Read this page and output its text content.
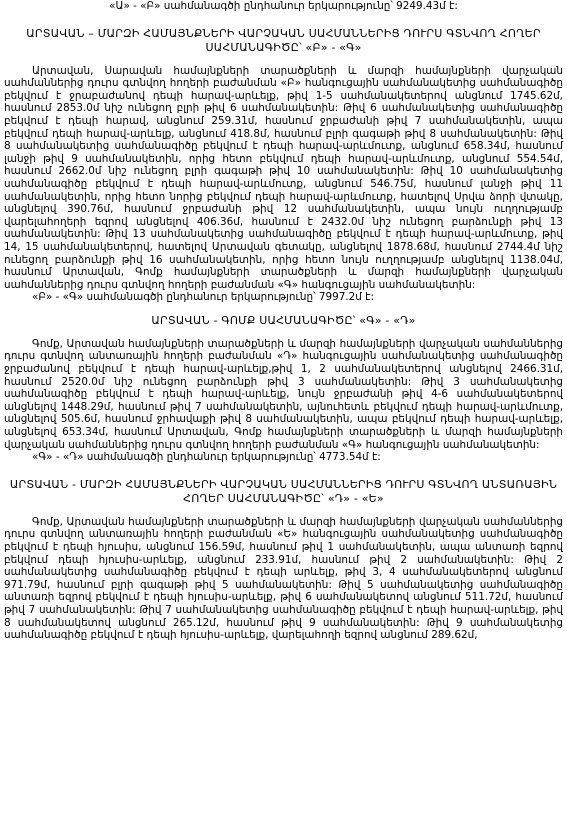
«Ա» - «Բ» սահմանագծի ընդհանուր երկարությունը՝ 9249.43մ է:

ԱՐՏԱՎԱՆ – ՄԱՐԶԻ ՀԱՄԱՅՆՔՆԵՐԻ ՎԱՐՉԱԿԱՆ ՍԱՀՄԱՆՆԵՐԻՑ ԴՈՒՐՍ ԳՏՆՎՈՂ ՀՈՂԵՐ

ՍԱՀՄԱՆԱԳԻԾԸ՝ «Բ» - «Գ»

Արտավան, Սարավան համայնքների տարածքների և մարզի համայնքների վարչական սահմաններից դուրս գտնվող հողերի բաժանման «Բ» հանգուցային սահմանակետից սահմանագիծը բեկվում է ջրաբաժանով դեպի հարավ-արևելք, թիվ 1-5 սահմանակետերով անցնում 1745.62մ, հասնում 2853.0մ նիշ ունեցող բլրի թիվ 6 սահմանակետին: Թիվ 6 սահմանակետից սահմանագիծը բեկվում է դեպի հարավ, անցնում 259.31մ, հասնում ջրբաժանի թիվ 7 սահմանակետին, ապա բեկվում դեպի հարավ-արևելք, անցնում 418.8մ, հասնում բլրի գագաթի թիվ 8 սահմանակետին: Թիվ 8 սահմանակետից սահմանագիծը բեկվում է դեպի հարավ-արևմուտք, անցնում 658.34մ, հասնում լանջի թիվ 9 սահմանակետին, որից հետո բեկվում դեպի հարավ-արևմուտք, անցնում 554.54մ, հասնում 2662.0մ նիշ ունեցող բլրի գագաթի թիվ 10 սահմանակետին: Թիվ 10 սահմանակետից սահմանագիծը բեկվում է դեպի հարավ-արևմուտք, անցնում 546.75մ, հասնում լանջի թիվ 11 սահմանակետին, որից հետո նորից բեկվում դեպի հարավ-արևմուտք, հատելով Սրվա ձորի վտակը, անցնելով 390.76մ, հասնում ջրբաժանի թիվ 12 սահմանակետին, ապա նույն ուղղությամբ վարելահողերի եզրով անցնելով 406.36մ, հասնում է 2432.0մ նիշ ունեցող բարձունքի թիվ 13 սահմանակետին: Թիվ 13 սահմանակետից սահմանագիծը բեկվում է դեպի հարավ-արևմուտք, թիվ 14, 15 սահմանակետերով, հատելով Արտավան գետակը, անցնելով 1878.68մ, հասնում 2744.4մ նիշ ունեցող բարձունքի թիվ 16 սահմանակետին, որից հետո նույն ուղղությամբ անցնելով 1138.04մ, հասնում Արտավան, Գոմք համայնքների տարածքների և մարզի համայնքների վարչական սահմաններից դուրս գտնվող հողերի բաժանման «Գ» հանգուցային սահմանակետին:

«Բ» - «Գ» սահմանագծի ընդհանուր երկարությունը՝ 7997.2մ է:

ԱՐՏԱՎԱՆ - ԳՈՄՔ ՍԱՀՄԱՆԱԳԻԾԸ՝ «Գ» - «Դ»

Գոմք, Արտավան համայնքների տարածքների և մարզի համայնքների վարչական սահմաններից դուրս գտնվող անտառային հողերի բաժանման «Դ» հանգուցային սահմանակետից սահմանագիծը ջրբաժանով բեկվում է դեպի հարավ-արևելք,թիվ 1, 2 սահմանակետերով անցնելով 2466.31մ, հասնում 2520.0մ նիշ ունեցող բարձունքի թիվ 3 սահմանակետին: Թիվ 3 սահմանակետից սահմանագիծը բեկվում է դեպի հարավ-արևելք, նույն ջրբաժանի թիվ 4-6 սահմանակետերով անցնելով 1448.29մ, հասնում թիվ 7 սահմանակետին, այնուհետև բեկվում դեպի հարավ-արևմուտք, անցնելով 505.6մ, հասնում ջրհավաքի թիվ 8 սահմանակետին, ապա բեկվում դեպի հարավ-արևելք, անցնելով 653.34մ, հասնում Արտավան, Գոմք համայնքների տարածքների և մարզի համայնքների վարչական սահմաններից դուրս գտնվող հողերի բաժանման «Գ» հանգուցային սահմանակետին:

«Գ» - «Դ» սահմանագծի ընդհանուր երկարությունը՝ 4773.54մ է:

ԱՐՏԱՎԱՆ - ՄԱՐԶԻ ՀԱՄԱՅՆՔՆԵՐԻ ՎԱՐՉԱԿԱՆ ՍԱՀՄԱՆՆԵՐԻՑ ԴՈՒՐՍ ԳՏՆՎՈՂ ԱՆՏԱՌԱՅԻՆ

ՀՈՂԵՐ ՍԱՀՄԱՆԱԳԻԾԸ՝ «Դ» - «Ե»

Գոմք, Արտավան համայնքների տարածքների և մարզի համայնքների վարչական սահմաններից դուրս գտնվող անտառային հողերի բաժանման «Ե» հանգուցային սահմանակետից սահմանագիծը բեկվում է դեպի հյուսիս, անցնում 156.59մ, հասնում թիվ 1 սահմանակետին, ապա անտառի եզրով բեկվում դեպի հյուսիս-արևելք, անցնում 233.91մ, հասնում թիվ 2 սահմանակետին: Թիվ 2 սահմանակետից սահմանագիծը բեկվում է դեպի արևելք, թիվ 3, 4 սահմանակետերով անցնում 971.79մ, հասնում բլրի գագաթի թիվ 5 սահմանակետին: Թիվ 5 սահմանակետից սահմանագիծը անտառի եզրով բեկվում է դեպի հյուսիս-արևելք, թիվ 6 սահմանակետով անցնում 511.72մ, հասնում թիվ 7 սահմանակետին: Թիվ 7 սահմանակետից սահմանագիծը բեկվում է դեպի հարավ-արևելք, թիվ 8 սահմանակետով անցնում 265.12մ, հասնում թիվ 9 սահմանակետին: Թիվ 9 սահմանակետից սահմանագիծը բեկվում է դեպի հյուսիս-արևելք, վարելահողի եզրով անցնում 289.62մ,
